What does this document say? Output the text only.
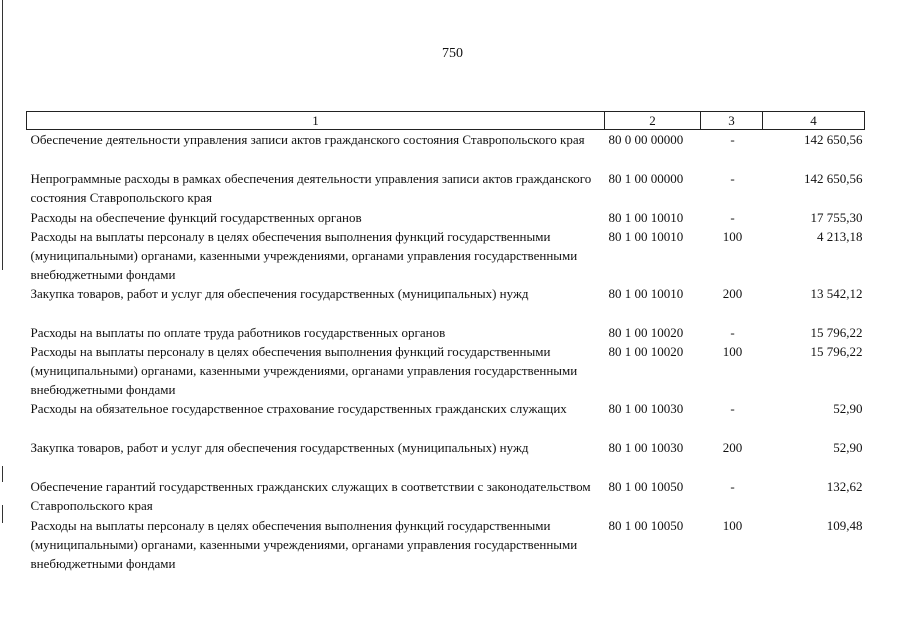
750
1	2	3	4
Обеспечение деятельности управления записи актов гражданского состояния Ставропольского края	80 0 00 00000	-	142 650,56
Непрограммные расходы в рамках обеспечения деятельности управления записи актов гражданского состояния Ставропольского края	80 1 00 00000	-	142 650,56
Расходы на обеспечение функций государственных органов	80 1 00 10010	-	17 755,30
Расходы на выплаты персоналу в целях обеспечения выполнения функций государственными (муниципальными) органами, казенными учреждениями, органами управления государственными внебюджетными фондами	80 1 00 10010	100	4 213,18
Закупка товаров, работ и услуг для обеспечения государственных (муниципальных) нужд	80 1 00 10010	200	13 542,12
Расходы на выплаты по оплате труда работников государственных органов	80 1 00 10020	-	15 796,22
Расходы на выплаты персоналу в целях обеспечения выполнения функций государственными (муниципальными) органами, казенными учреждениями, органами управления государственными внебюджетными фондами	80 1 00 10020	100	15 796,22
Расходы на обязательное государственное страхование государственных гражданских служащих	80 1 00 10030	-	52,90
Закупка товаров, работ и услуг для обеспечения государственных (муниципальных) нужд	80 1 00 10030	200	52,90
Обеспечение гарантий государственных гражданских служащих в соответствии с законодательством Ставропольского края	80 1 00 10050	-	132,62
Расходы на выплаты персоналу в целях обеспечения выполнения функций государственными (муниципальными) органами, казенными учреждениями, органами управления государственными внебюджетными фондами	80 1 00 10050	100	109,48
